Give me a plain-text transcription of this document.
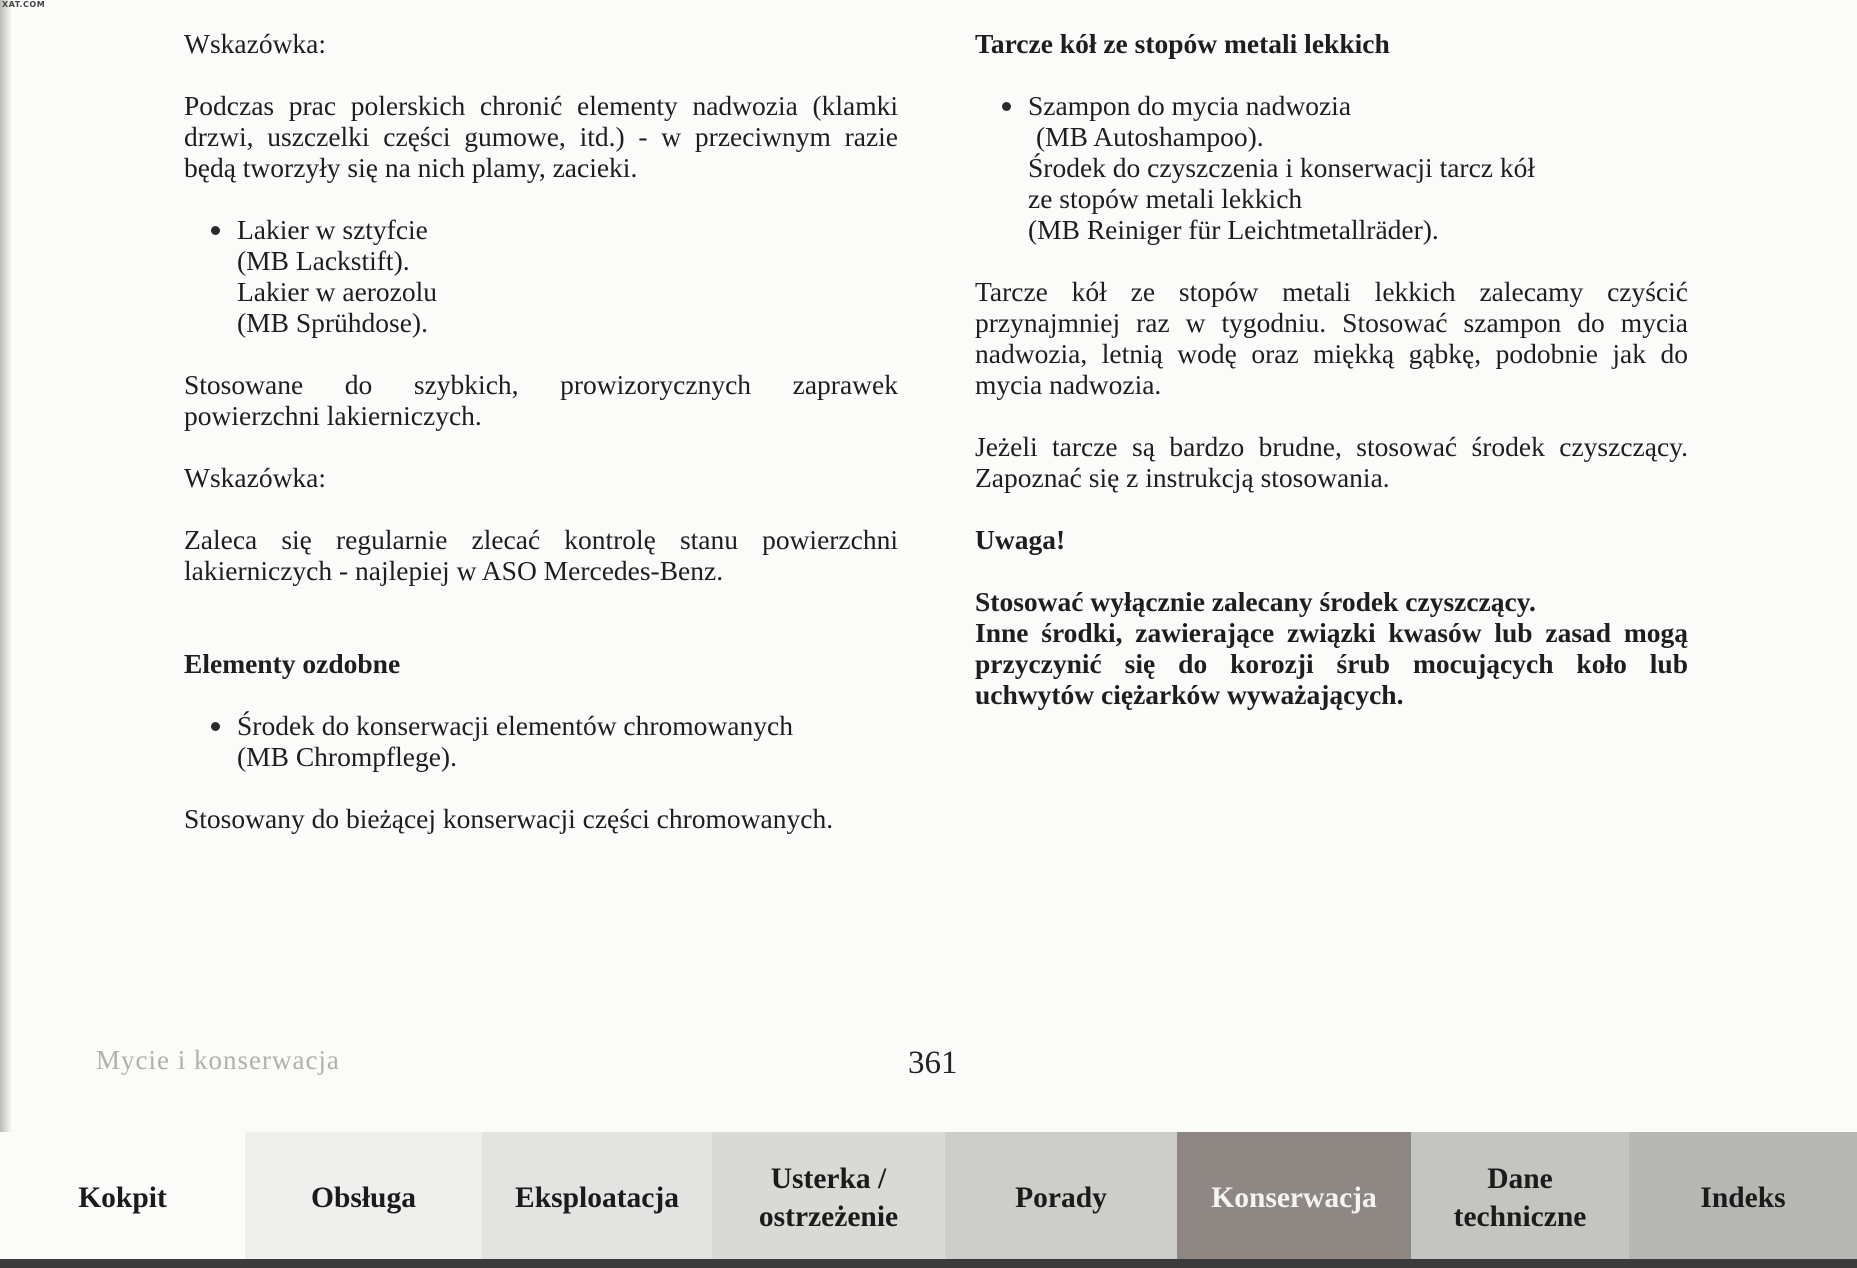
XAT.COM

Wskazówka:

Podczas prac polerskich chronić elementy nadwozia (klamki drzwi, uszczelki części gumowe, itd.) - w przeciwnym razie będą tworzyły się na nich plamy, zacieki.

Lakier w sztyfcie
(MB Lackstift).
Lakier w aerozolu
(MB Sprühdose).

Stosowane do szybkich, prowizorycznych zaprawek powierzchni lakierniczych.

Wskazówka:

Zaleca się regularnie zlecać kontrolę stanu powierzchni lakierniczych - najlepiej w ASO Mercedes-Benz.

Elementy ozdobne

Środek do konserwacji elementów chromowanych
(MB Chrompflege).

Stosowany do bieżącej konserwacji części chromowanych.

Tarcze kół ze stopów metali lekkich

Szampon do mycia nadwozia
(MB Autoshampoo).
Środek do czyszczenia i konserwacji tarcz kół
ze stopów metali lekkich
(MB Reiniger für Leichtmetallräder).

Tarcze kół ze stopów metali lekkich zalecamy czyścić przynajmniej raz w tygodniu. Stosować szampon do mycia nadwozia, letnią wodę oraz miękką gąbkę, podobnie jak do mycia nadwozia.

Jeżeli tarcze są bardzo brudne, stosować środek czyszczący. Zapoznać się z instrukcją stosowania.

Uwaga!

Stosować wyłącznie zalecany środek czyszczący.
Inne środki, zawierające związki kwasów lub zasad mogą przyczynić się do korozji śrub mocujących koło lub uchwytów ciężarków wyważających.

Mycie i konserwacja	361
Kokpit	Obsługa	Eksploatacja
Usterka /
ostrzeżenie
Porady	Konserwacja
Dane
techniczne
Indeks
